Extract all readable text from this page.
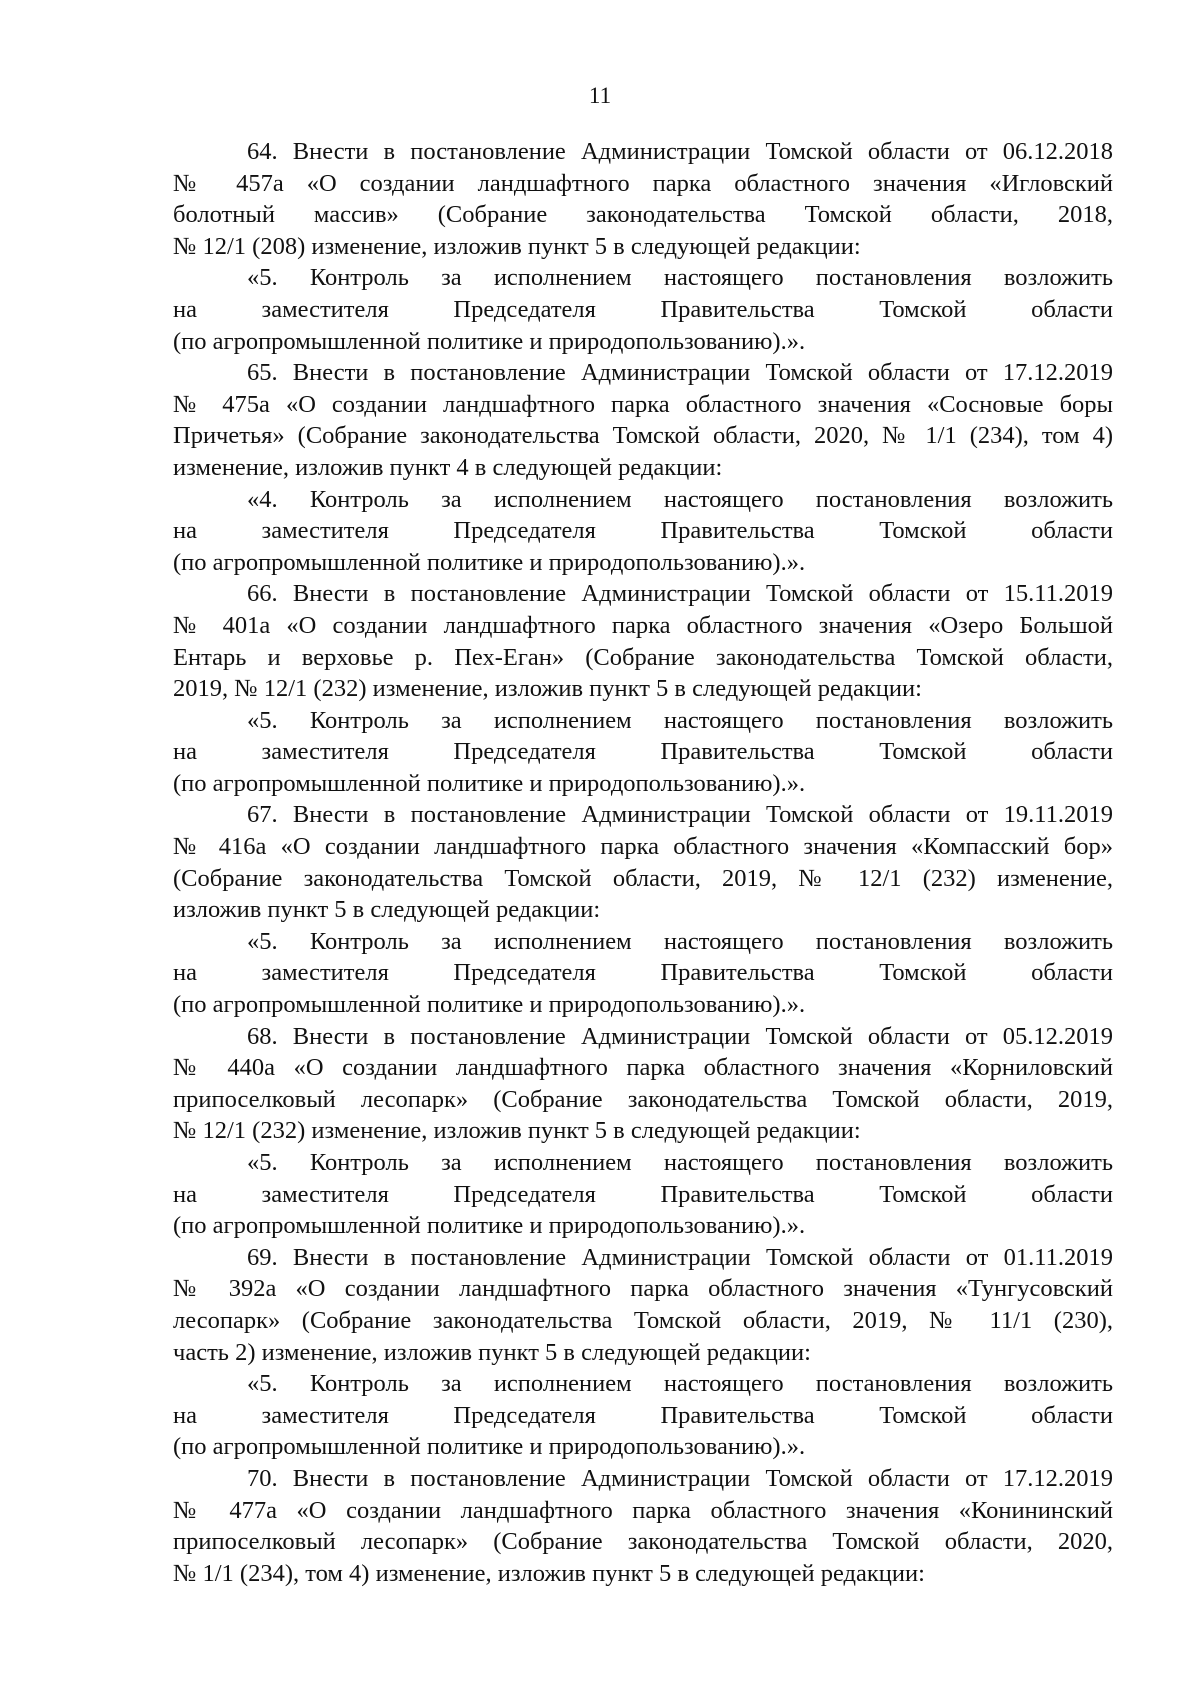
11
64. Внести в постановление Администрации Томской области от 06.12.2018
№ 457а «О создании ландшафтного парка областного значения «Игловский
болотный массив» (Собрание законодательства Томской области, 2018,
№ 12/1 (208) изменение, изложив пункт 5 в следующей редакции:
«5. Контроль за исполнением настоящего постановления возложить
на заместителя Председателя Правительства Томской области
(по агропромышленной политике и природопользованию).».
65. Внести в постановление Администрации Томской области от 17.12.2019
№ 475а «О создании ландшафтного парка областного значения «Сосновые боры
Причетья» (Собрание законодательства Томской области, 2020, № 1/1 (234), том 4)
изменение, изложив пункт 4 в следующей редакции:
«4. Контроль за исполнением настоящего постановления возложить
на заместителя Председателя Правительства Томской области
(по агропромышленной политике и природопользованию).».
66. Внести в постановление Администрации Томской области от 15.11.2019
№ 401а «О создании ландшафтного парка областного значения «Озеро Большой
Ентарь и верховье р. Пех-Еган» (Собрание законодательства Томской области,
2019, № 12/1 (232) изменение, изложив пункт 5 в следующей редакции:
«5. Контроль за исполнением настоящего постановления возложить
на заместителя Председателя Правительства Томской области
(по агропромышленной политике и природопользованию).».
67. Внести в постановление Администрации Томской области от 19.11.2019
№ 416а «О создании ландшафтного парка областного значения «Компасский бор»
(Собрание законодательства Томской области, 2019, № 12/1 (232) изменение,
изложив пункт 5 в следующей редакции:
«5. Контроль за исполнением настоящего постановления возложить
на заместителя Председателя Правительства Томской области
(по агропромышленной политике и природопользованию).».
68. Внести в постановление Администрации Томской области от 05.12.2019
№ 440а «О создании ландшафтного парка областного значения «Корниловский
припоселковый лесопарк» (Собрание законодательства Томской области, 2019,
№ 12/1 (232) изменение, изложив пункт 5 в следующей редакции:
«5. Контроль за исполнением настоящего постановления возложить
на заместителя Председателя Правительства Томской области
(по агропромышленной политике и природопользованию).».
69. Внести в постановление Администрации Томской области от 01.11.2019
№ 392а «О создании ландшафтного парка областного значения «Тунгусовский
лесопарк» (Собрание законодательства Томской области, 2019, № 11/1 (230),
часть 2) изменение, изложив пункт 5 в следующей редакции:
«5. Контроль за исполнением настоящего постановления возложить
на заместителя Председателя Правительства Томской области
(по агропромышленной политике и природопользованию).».
70. Внести в постановление Администрации Томской области от 17.12.2019
№ 477а «О создании ландшафтного парка областного значения «Конининский
припоселковый лесопарк» (Собрание законодательства Томской области, 2020,
№ 1/1 (234), том 4) изменение, изложив пункт 5 в следующей редакции:
